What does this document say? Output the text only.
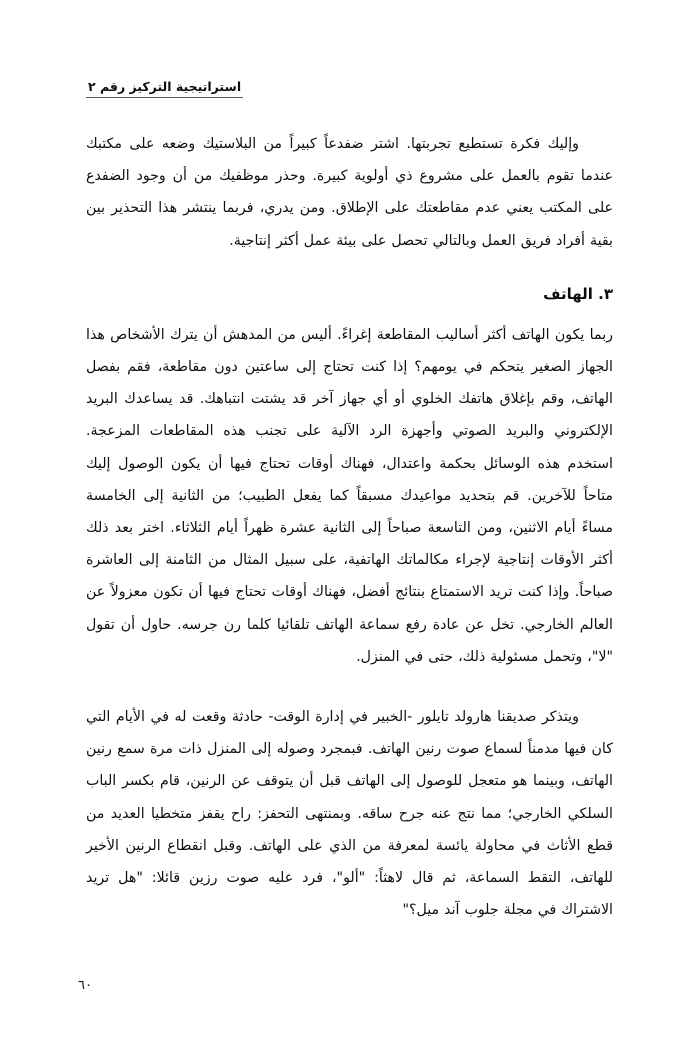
استراتيجية التركيز رقم ٢

وإليك فكرة تستطيع تجربتها. اشتر ضفدعاً كبيراً من البلاستيك وضعه على مكتبك عندما تقوم بالعمل على مشروع ذي أولوية كبيرة. وحذر موظفيك من أن وجود الضفدع على المكتب يعني عدم مقاطعتك على الإطلاق. ومن يدري، فربما ينتشر هذا التحذير بين بقية أفراد فريق العمل وبالتالي تحصل على بيئة عمل أكثر إنتاجية.

٣. الهاتف

ربما يكون الهاتف أكثر أساليب المقاطعة إغراءً. أليس من المدهش أن يترك الأشخاص هذا الجهاز الصغير يتحكم في يومهم؟ إذا كنت تحتاج إلى ساعتين دون مقاطعة، فقم بفصل الهاتف، وقم بإغلاق هاتفك الخلوي أو أي جهاز آخر قد يشتت انتباهك. قد يساعدك البريد الإلكتروني والبريد الصوتي وأجهزة الرد الآلية على تجنب هذه المقاطعات المزعجة. استخدم هذه الوسائل بحكمة واعتدال، فهناك أوقات تحتاج فيها أن يكون الوصول إليك متاحاً للآخرين. قم بتحديد مواعيدك مسبقاً كما يفعل الطبيب؛ من الثانية إلى الخامسة مساءً أيام الاثنين، ومن التاسعة صباحاً إلى الثانية عشرة ظهراً أيام الثلاثاء. اختر بعد ذلك أكثر الأوقات إنتاجية لإجراء مكالماتك الهاتفية، على سبيل المثال من الثامنة إلى العاشرة صباحاً. وإذا كنت تريد الاستمتاع بنتائج أفضل، فهناك أوقات تحتاج فيها أن تكون معزولاً عن العالم الخارجي. تخل عن عادة رفع سماعة الهاتف تلقائيا كلما رن جرسه. حاول أن تقول "لا"، وتحمل مسئولية ذلك، حتى في المنزل.

ويتذكر صديقنا هارولد تايلور -الخبير في إدارة الوقت- حادثة وقعت له في الأيام التي كان فيها مدمناً لسماع صوت رنين الهاتف. فبمجرد وصوله إلى المنزل ذات مرة سمع رنين الهاتف، وبينما هو متعجل للوصول إلى الهاتف قبل أن يتوقف عن الرنين، قام بكسر الباب السلكي الخارجي؛ مما نتج عنه جرح ساقه. وبمنتهى التحفز: راح يقفز متخطيا العديد من قطع الأثاث في محاولة يائسة لمعرفة من الذي على الهاتف. وقبل انقطاع الرنين الأخير للهاتف، التقط السماعة، ثم قال لاهثاً: "ألو"، فرد عليه صوت رزين قائلا: "هل تريد الاشتراك في مجلة جلوب آند ميل؟"

٦٠
